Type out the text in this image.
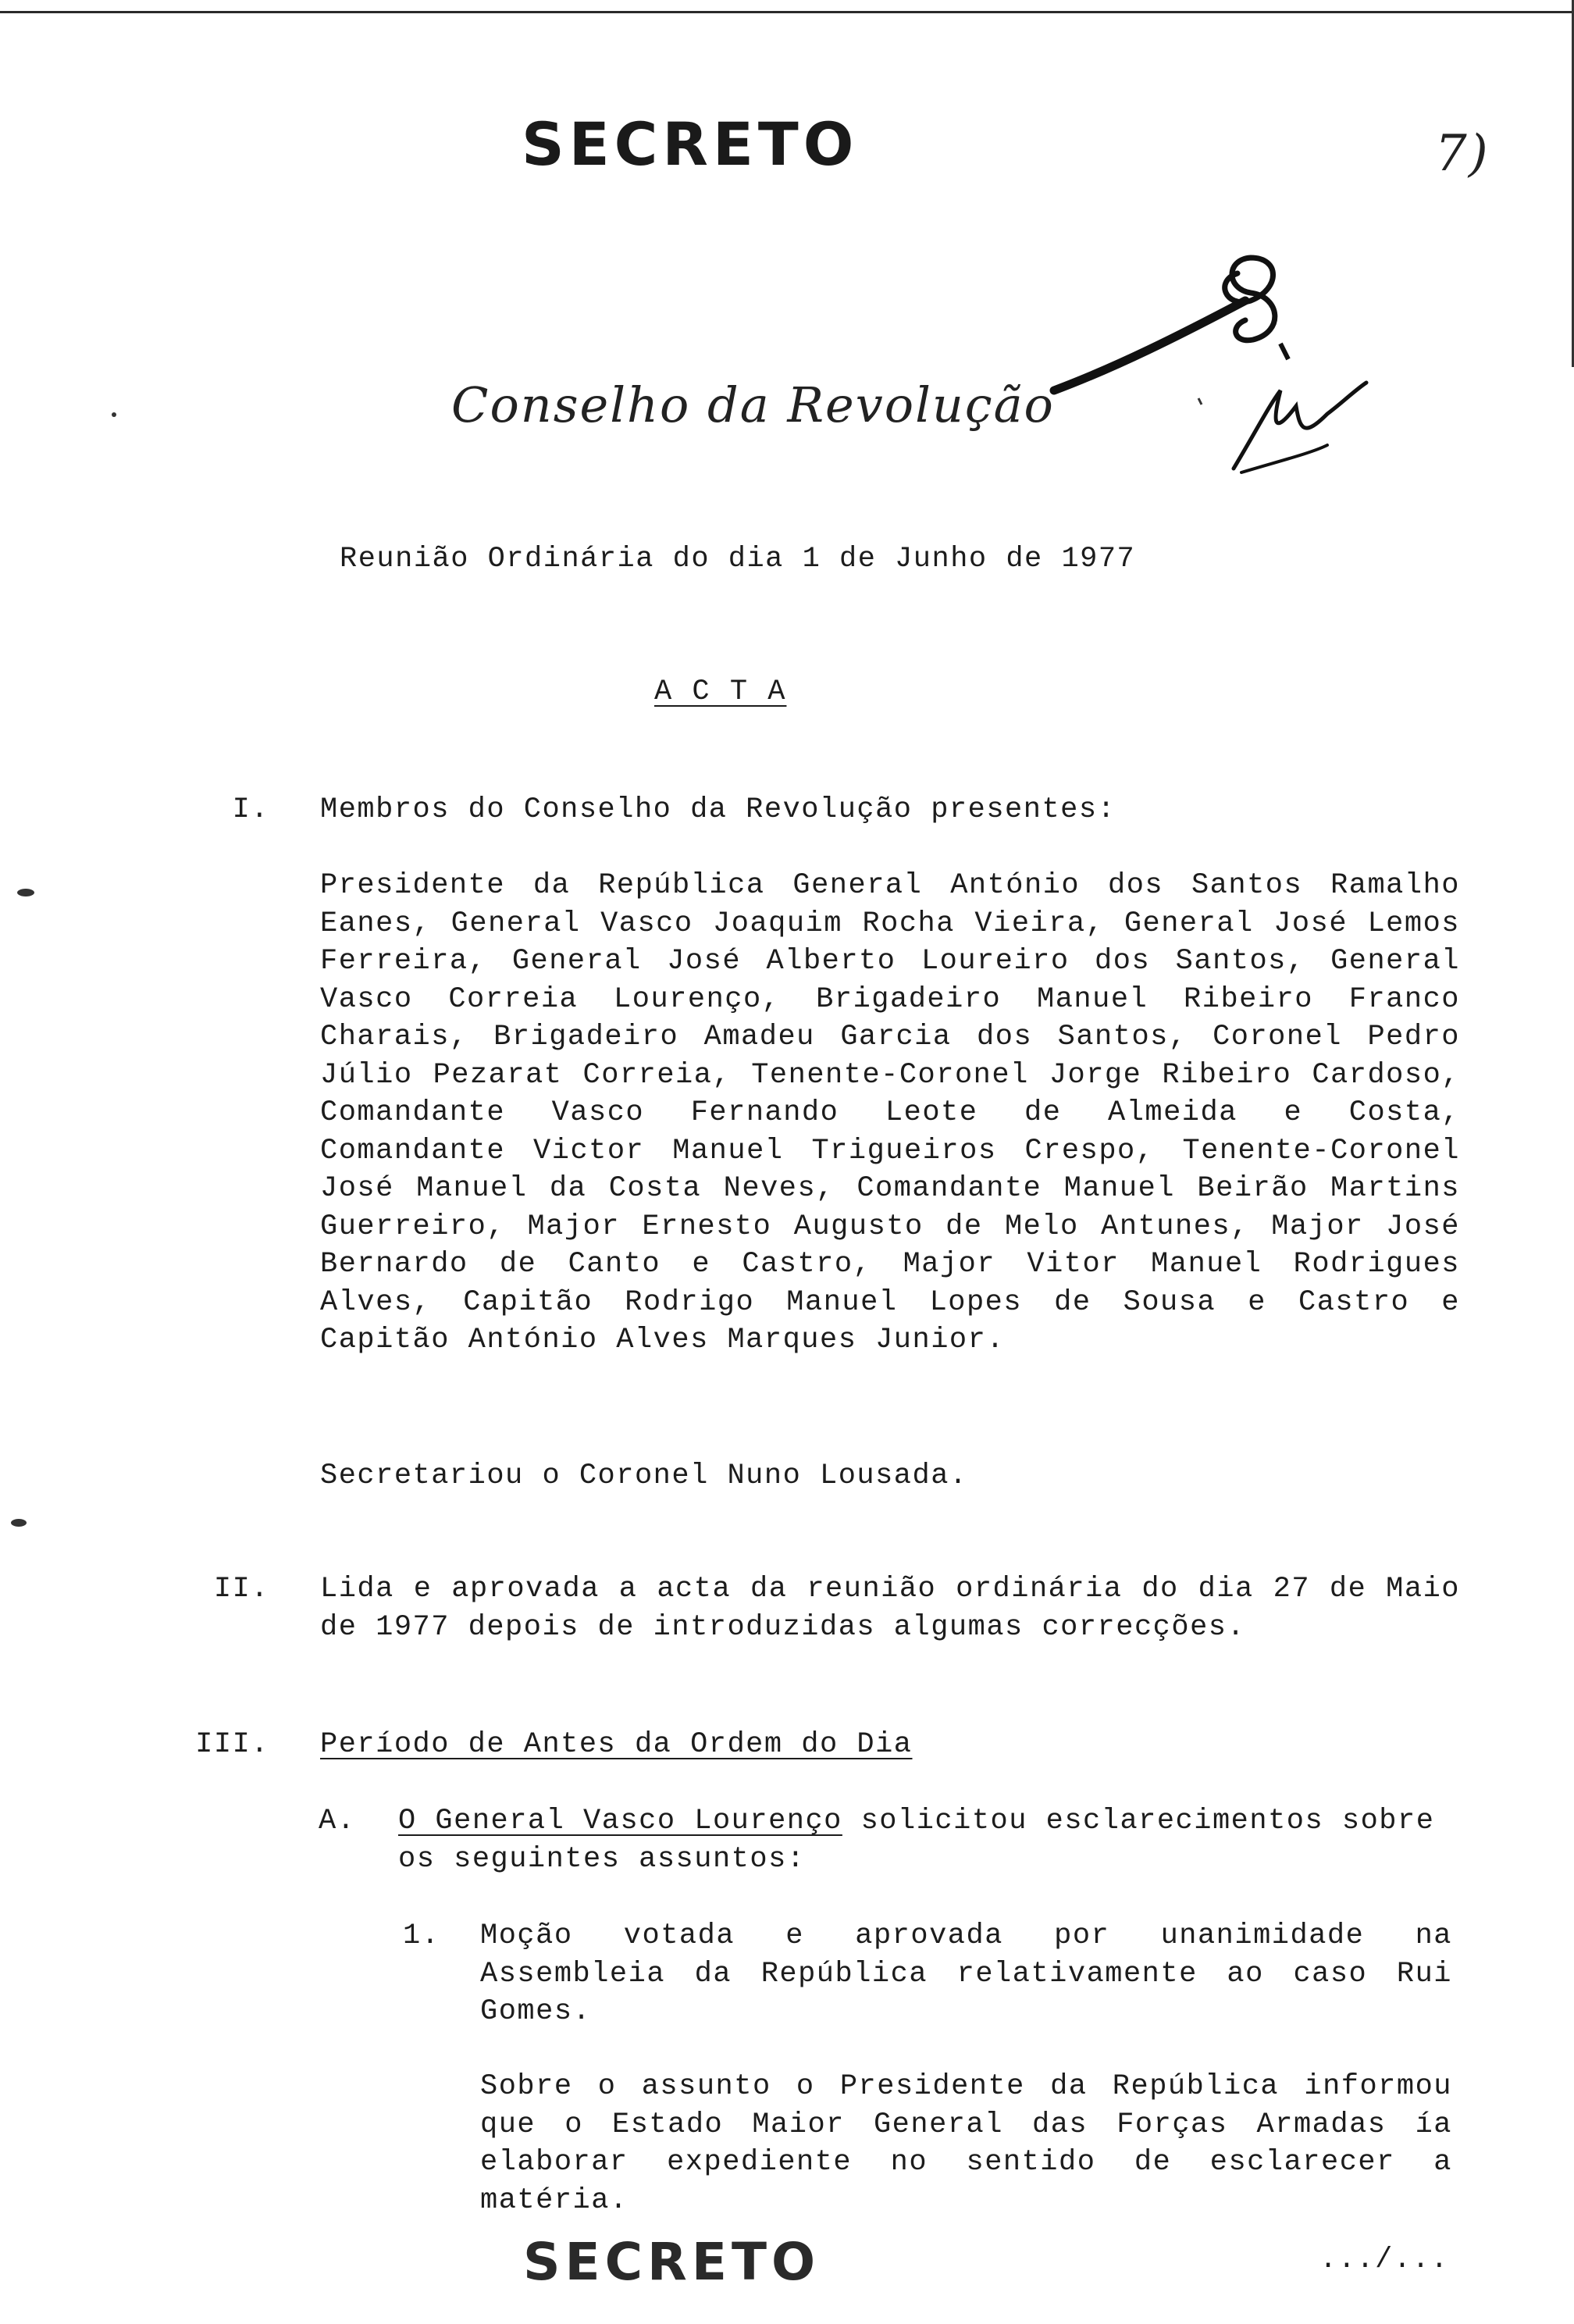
SECRETO	7)
Conselho da Revolução
Reunião Ordinária do dia 1 de Junho de 1977
A C T A
I. Membros do Conselho da Revolução presentes:
Presidente da República General António dos Santos Ramalho Eanes, General Vasco Joaquim Rocha Vieira, General José Lemos Ferreira, General José Alberto Loureiro dos Santos, General Vasco Correia Lourenço, Brigadeiro Manuel Ribeiro Franco Charais, Brigadeiro Amadeu Garcia dos Santos, Coronel Pedro Júlio Pezarat Correia, Tenente-Coronel Jorge Ribeiro Cardoso, Comandante Vasco Fernando Leote de Almeida e Costa, Comandante Victor Manuel Trigueiros Crespo, Tenente-Coronel José Manuel da Costa Neves, Comandante Manuel Beirão Martins Guerreiro, Major Ernesto Augusto de Melo Antunes, Major José Bernardo de Canto e Castro, Major Vitor Manuel Rodrigues Alves, Capitão Rodrigo Manuel Lopes de Sousa e Castro e Capitão António Alves Marques Junior.
Secretariou o Coronel Nuno Lousada.
II. Lida e aprovada a acta da reunião ordinária do dia 27 de Maio de 1977 depois de introduzidas algumas correcções.
III. Período de Antes da Ordem do Dia
A. O General Vasco Lourenço solicitou esclarecimentos sobre os seguintes assuntos:
1. Moção votada e aprovada por unanimidade na Assembleia da República relativamente ao caso Rui Gomes.
Sobre o assunto o Presidente da República informou que o Estado Maior General das Forças Armadas ía elaborar expediente no sentido de esclarecer a matéria.
SECRETO	.../...
